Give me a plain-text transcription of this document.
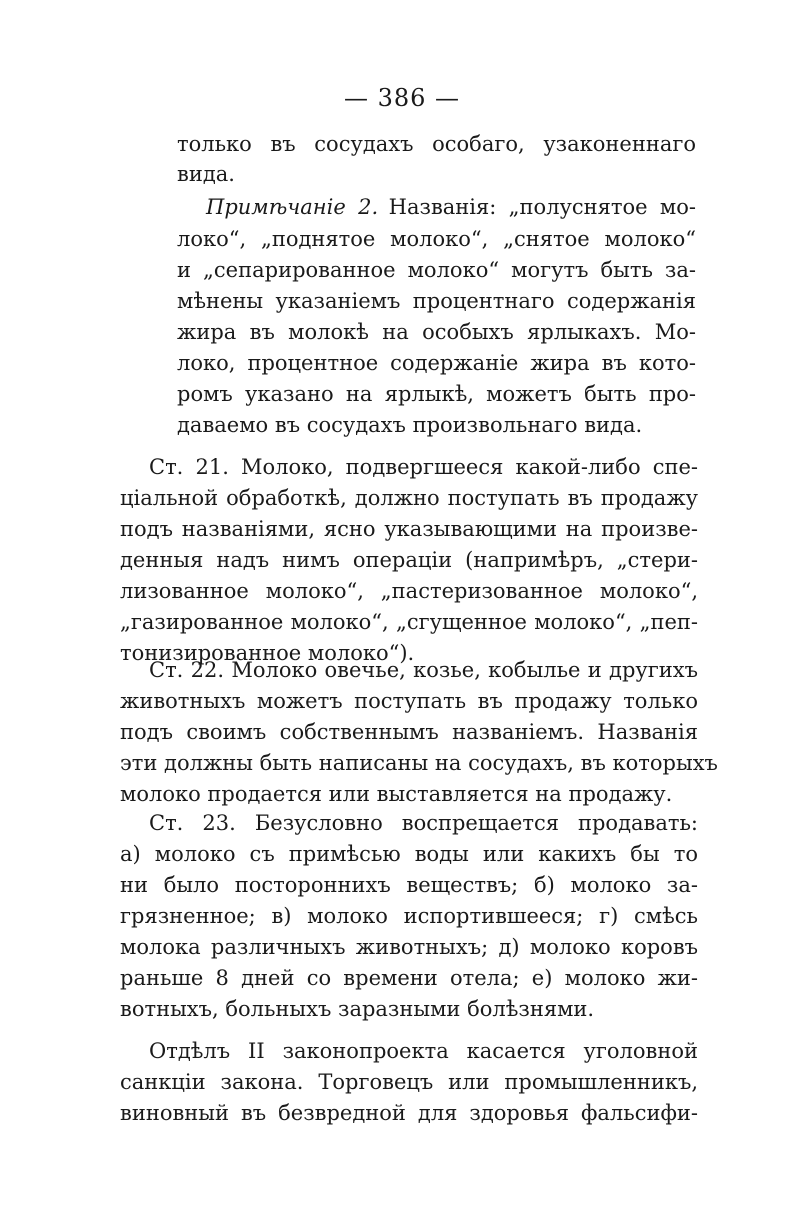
— 386 —
только въ сосудахъ особаго, узаконеннаго
вида.
Примѣчаніе 2.  Названія: „полуснятое мо-
локо“, „поднятое молоко“, „снятое молоко“
и „сепарированное молоко“ могутъ быть за-
мѣнены указаніемъ процентнаго содержанія
жира въ молокѣ на особыхъ ярлыкахъ. Мо-
локо, процентное содержаніе жира въ кото-
ромъ указано на ярлыкѣ, можетъ быть про-
даваемо въ сосудахъ произвольнаго вида.
Ст. 21. Молоко, подвергшееся какой-либо спе-
ціальной обработкѣ, должно поступать въ продажу
подъ названіями, ясно указывающими на произве-
денныя надъ нимъ операціи (напримѣръ, „стери-
лизованное молоко“, „пастеризованное молоко“,
„газированное молоко“, „сгущенное молоко“, „пеп-
тонизированное молоко“).
Ст. 22. Молоко овечье, козье, кобылье и другихъ
животныхъ можетъ поступать въ продажу только
подъ своимъ собственнымъ названіемъ. Названія
эти должны быть написаны на сосудахъ, въ которыхъ
молоко продается или выставляется на продажу.
Ст. 23. Безусловно воспрещается продавать:
а) молоко съ примѣсью воды или какихъ бы то
ни было постороннихъ веществъ; б) молоко за-
грязненное; в) молоко испортившееся; г) смѣсь
молока различныхъ животныхъ; д) молоко коровъ
раньше 8 дней со времени отела; е) молоко жи-
вотныхъ, больныхъ заразными болѣзнями.
Отдѣлъ II законопроекта касается уголовной
санкціи закона. Торговецъ или промышленникъ,
виновный въ безвредной для здоровья фальсифи-
